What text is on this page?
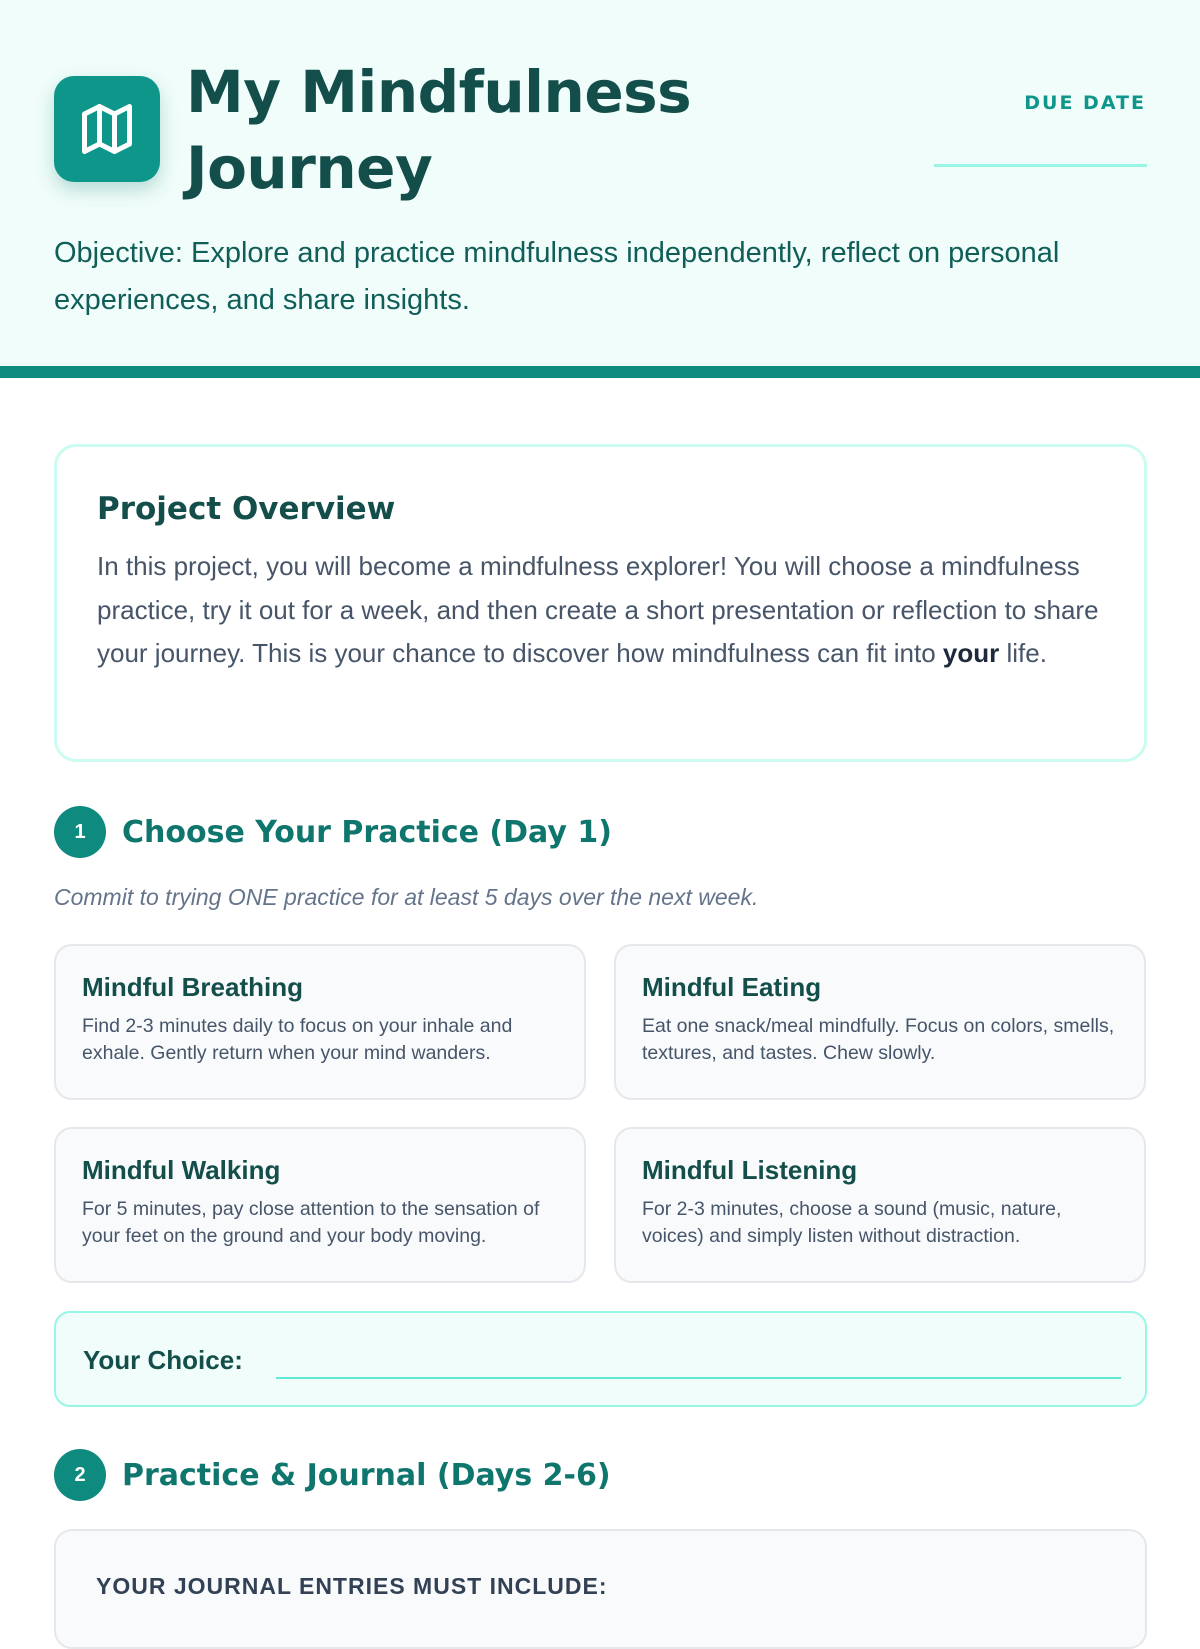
My Mindfulness Journey
DUE DATE
Objective: Explore and practice mindfulness independently, reflect on personal experiences, and share insights.
Project Overview

In this project, you will become a mindfulness explorer! You will choose a mindfulness practice, try it out for a week, and then create a short presentation or reflection to share your journey. This is your chance to discover how mindfulness can fit into your life.

1	Choose Your Practice (Day 1)
Commit to trying ONE practice for at least 5 days over the next week.
Mindful Breathing

Find 2-3 minutes daily to focus on your inhale and exhale. Gently return when your mind wanders.

Mindful Eating

Eat one snack/meal mindfully. Focus on colors, smells, textures, and tastes. Chew slowly.

Mindful Walking

For 5 minutes, pay close attention to the sensation of your feet on the ground and your body moving.

Mindful Listening

For 2-3 minutes, choose a sound (music, nature, voices) and simply listen without distraction.

Your Choice:
2	Practice & Journal (Days 2-6)
YOUR JOURNAL ENTRIES MUST INCLUDE:
